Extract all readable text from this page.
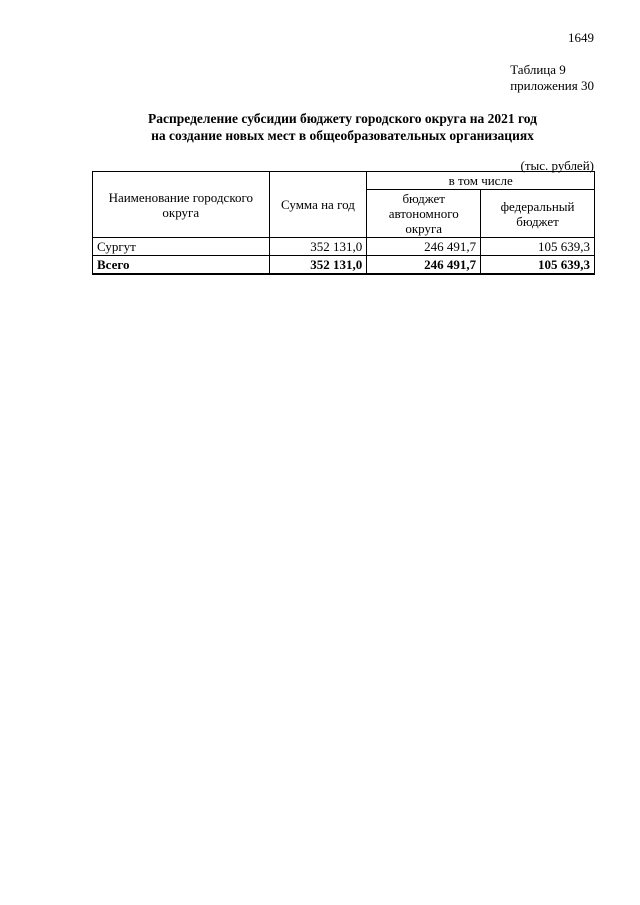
1649
Таблица 9
приложения 30
Распределение субсидии бюджету городского округа на 2021 год
на создание новых мест в общеобразовательных организациях
(тыс. рублей)
Наименование городского округа	Сумма на год	в том числе	
		бюджет автономного округа	федеральный бюджет
Сургут	352 131,0	246 491,7	105 639,3
Всего	352 131,0	246 491,7	105 639,3
